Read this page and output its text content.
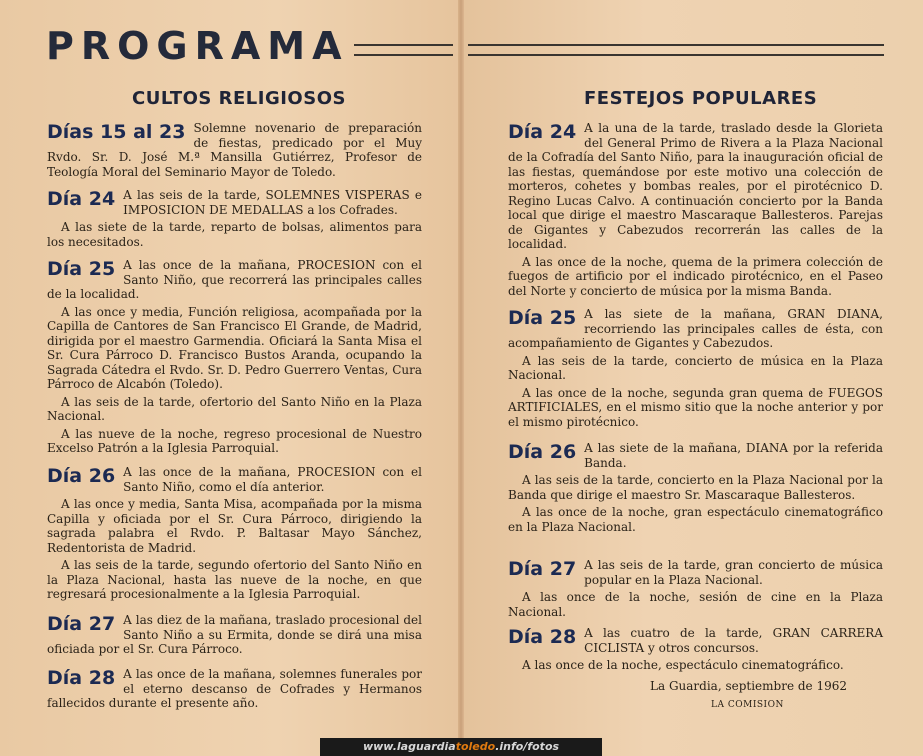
PROGRAMA
CULTOS RELIGIOSOS	FESTEJOS POPULARES
Días 15 al 23 Solemne novenario de preparación de fiestas, predicado por el Muy Rvdo. Sr. D. José M.ª Mansilla Gutiérrez, Profesor de Teología Moral del Seminario Mayor de Toledo.

Día 24 A las seis de la tarde, SOLEMNES VISPERAS e IMPOSICION DE MEDALLAS a los Cofrades.

A las siete de la tarde, reparto de bolsas, alimentos para los necesitados.

Día 25 A las once de la mañana, PROCESION con el Santo Niño, que recorrerá las principales calles de la localidad.

A las once y media, Función religiosa, acompañada por la Capilla de Cantores de San Francisco El Grande, de Madrid, dirigida por el maestro Garmendia. Oficiará la Santa Misa el Sr. Cura Párroco D. Francisco Bustos Aranda, ocupando la Sagrada Cátedra el Rvdo. Sr. D. Pedro Guerrero Ventas, Cura Párroco de Alcabón (Toledo).

A las seis de la tarde, ofertorio del Santo Niño en la Plaza Nacional.

A las nueve de la noche, regreso procesional de Nuestro Excelso Patrón a la Iglesia Parroquial.

Día 26 A las once de la mañana, PROCESION con el Santo Niño, como el día anterior.

A las once y media, Santa Misa, acompañada por la misma Capilla y oficiada por el Sr. Cura Párroco, dirigiendo la sagrada palabra el Rvdo. P. Baltasar Mayo Sánchez, Redentorista de Madrid.

A las seis de la tarde, segundo ofertorio del Santo Niño en la Plaza Nacional, hasta las nueve de la noche, en que regresará procesionalmente a la Iglesia Parroquial.

Día 27 A las diez de la mañana, traslado procesional del Santo Niño a su Ermita, donde se dirá una misa oficiada por el Sr. Cura Párroco.

Día 28 A las once de la mañana, solemnes funerales por el eterno descanso de Cofrades y Hermanos fallecidos durante el presente año.

Día 24 A la una de la tarde, traslado desde la Glorieta del General Primo de Rivera a la Plaza Nacional de la Cofradía del Santo Niño, para la inauguración oficial de las fiestas, quemándose por este motivo una colección de morteros, cohetes y bombas reales, por el pirotécnico D. Regino Lucas Calvo. A continuación concierto por la Banda local que dirige el maestro Mascaraque Ballesteros. Parejas de Gigantes y Cabezudos recorrerán las calles de la localidad.

A las once de la noche, quema de la primera colección de fuegos de artificio por el indicado pirotécnico, en el Paseo del Norte y concierto de música por la misma Banda.

Día 25 A las siete de la mañana, GRAN DIANA, recorriendo las principales calles de ésta, con acompañamiento de Gigantes y Cabezudos.

A las seis de la tarde, concierto de música en la Plaza Nacional.

A las once de la noche, segunda gran quema de FUEGOS ARTIFICIALES, en el mismo sitio que la noche anterior y por el mismo pirotécnico.

Día 26 A las siete de la mañana, DIANA por la referida Banda.

A las seis de la tarde, concierto en la Plaza Nacional por la Banda que dirige el maestro Sr. Mascaraque Ballesteros.

A las once de la noche, gran espectáculo cinematográfico en la Plaza Nacional.

Día 27 A las seis de la tarde, gran concierto de música popular en la Plaza Nacional.

A las once de la noche, sesión de cine en la Plaza Nacional.

Día 28 A las cuatro de la tarde, GRAN CARRERA CICLISTA y otros concursos.

A las once de la noche, espectáculo cinematográfico.

La Guardia, septiembre de 1962
LA COMISION
www.laguardiatoledo.info/fotos
